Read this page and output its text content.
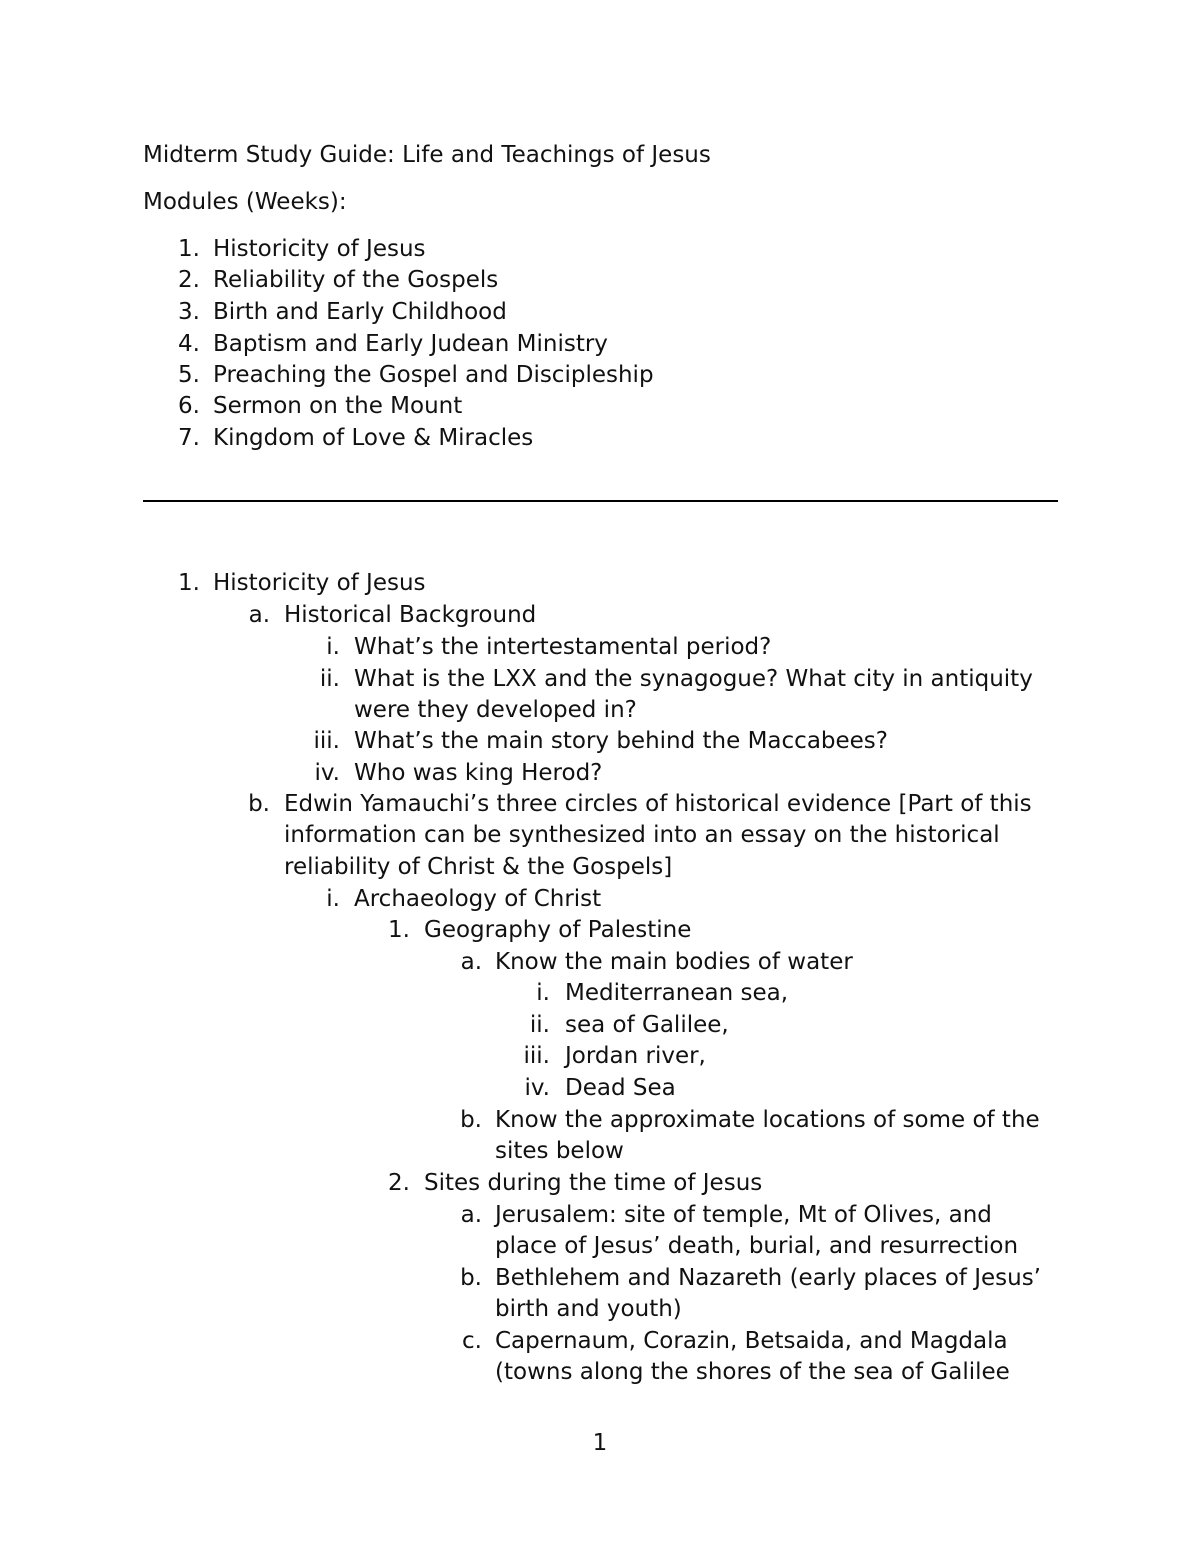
Midterm Study Guide: Life and Teachings of Jesus
Modules (Weeks):
1. Historicity of Jesus
2. Reliability of the Gospels
3. Birth and Early Childhood
4. Baptism and Early Judean Ministry
5. Preaching the Gospel and Discipleship
6. Sermon on the Mount
7. Kingdom of Love & Miracles
1. Historicity of Jesus
a. Historical Background
i. What’s the intertestamental period?
ii. What is the LXX and the synagogue? What city in antiquity
were they developed in?
iii. What’s the main story behind the Maccabees?
iv. Who was king Herod?
b. Edwin Yamauchi’s three circles of historical evidence [Part of this
information can be synthesized into an essay on the historical
reliability of Christ & the Gospels]
i. Archaeology of Christ
1. Geography of Palestine
a. Know the main bodies of water
i. Mediterranean sea,
ii. sea of Galilee,
iii. Jordan river,
iv. Dead Sea
b. Know the approximate locations of some of the
sites below
2. Sites during the time of Jesus
a. Jerusalem: site of temple, Mt of Olives, and
place of Jesus’ death, burial, and resurrection
b. Bethlehem and Nazareth (early places of Jesus’
birth and youth)
c. Capernaum, Corazin, Betsaida, and Magdala
(towns along the shores of the sea of Galilee
1
